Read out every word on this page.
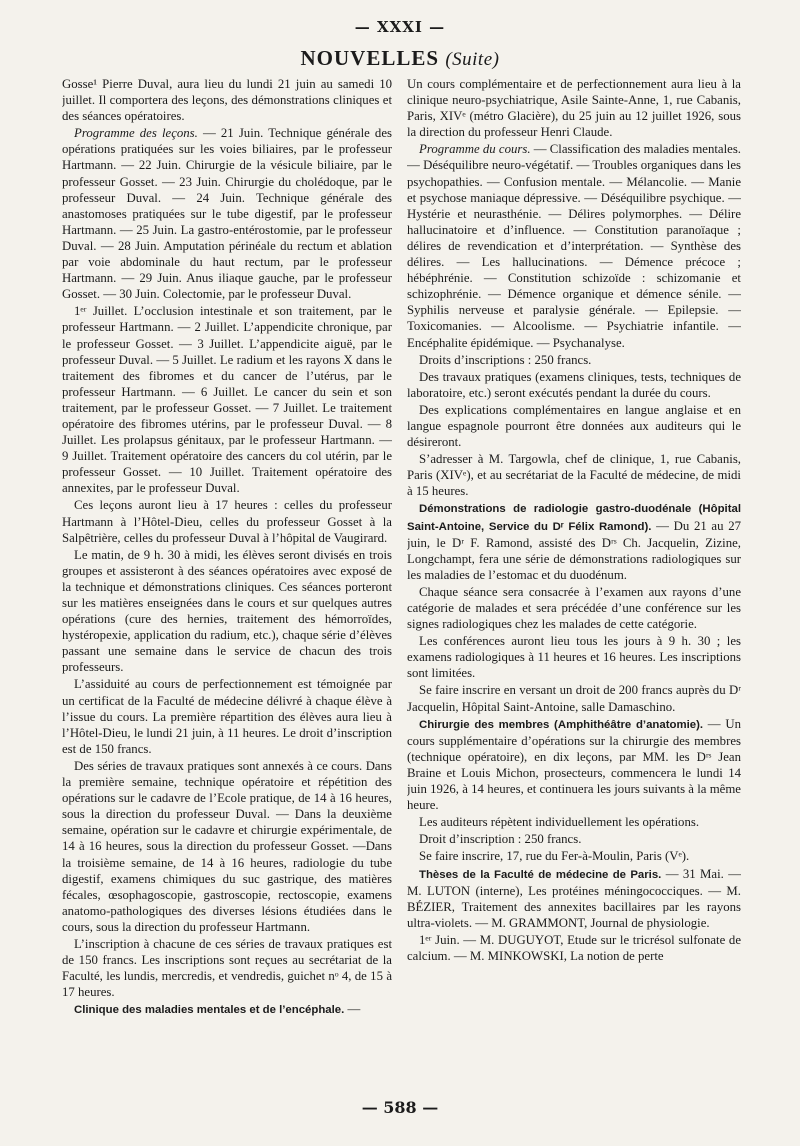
— XXXI —
NOUVELLES (Suite)

Gosse¹ Pierre Duval, aura lieu du lundi 21 juin au samedi 10 juillet. Il comportera des leçons, des démonstrations cliniques et des séances opératoires.

Programme des leçons. — 21 Juin. Technique générale des opérations pratiquées sur les voies biliaires, par le professeur Hartmann. — 22 Juin. Chirurgie de la vésicule biliaire, par le professeur Gosset. — 23 Juin. Chirurgie du cholédoque, par le professeur Duval. — 24 Juin. Technique générale des anastomoses pratiquées sur le tube digestif, par le professeur Hartmann. — 25 Juin. La gastro-entérostomie, par le professeur Duval. — 28 Juin. Amputation périnéale du rectum et ablation par voie abdominale du haut rectum, par le professeur Hartmann. — 29 Juin. Anus iliaque gauche, par le professeur Gosset. — 30 Juin. Colectomie, par le professeur Duval.

1ᵉʳ Juillet. L’occlusion intestinale et son traitement, par le professeur Hartmann. — 2 Juillet. L’appendicite chronique, par le professeur Gosset. — 3 Juillet. L’appendicite aiguë, par le professeur Duval. — 5 Juillet. Le radium et les rayons X dans le traitement des fibromes et du cancer de l’utérus, par le professeur Hartmann. — 6 Juillet. Le cancer du sein et son traitement, par le professeur Gosset. — 7 Juillet. Le traitement opératoire des fibromes utérins, par le professeur Duval. — 8 Juillet. Les prolapsus génitaux, par le professeur Hartmann. — 9 Juillet. Traitement opératoire des cancers du col utérin, par le professeur Gosset. — 10 Juillet. Traitement opératoire des annexites, par le professeur Duval.

Ces leçons auront lieu à 17 heures : celles du professeur Hartmann à l’Hôtel-Dieu, celles du professeur Gosset à la Salpêtrière, celles du professeur Duval à l’hôpital de Vaugirard.

Le matin, de 9 h. 30 à midi, les élèves seront divisés en trois groupes et assisteront à des séances opératoires avec exposé de la technique et démonstrations cliniques. Ces séances porteront sur les matières enseignées dans le cours et sur quelques autres opérations (cure des hernies, traitement des hémorroïdes, hystéropexie, application du radium, etc.), chaque série d’élèves passant une semaine dans le service de chacun des trois professeurs.

L’assiduité au cours de perfectionnement est témoignée par un certificat de la Faculté de médecine délivré à chaque élève à l’issue du cours. La première répartition des élèves aura lieu à l’Hôtel-Dieu, le lundi 21 juin, à 11 heures. Le droit d’inscription est de 150 francs.

Des séries de travaux pratiques sont annexés à ce cours. Dans la première semaine, technique opératoire et répétition des opérations sur le cadavre de l’Ecole pratique, de 14 à 16 heures, sous la direction du professeur Duval. — Dans la deuxième semaine, opération sur le cadavre et chirurgie expérimentale, de 14 à 16 heures, sous la direction du professeur Gosset. —Dans la troisième semaine, de 14 à 16 heures, radiologie du tube digestif, examens chimiques du suc gastrique, des matières fécales, œsophagoscopie, gastroscopie, rectoscopie, examens anatomo-pathologiques des diverses lésions étudiées dans le cours, sous la direction du professeur Hartmann.

L’inscription à chacune de ces séries de travaux pratiques est de 150 francs. Les inscriptions sont reçues au secrétariat de la Faculté, les lundis, mercredis, et vendredis, guichet nᵒ 4, de 15 à 17 heures.

Clinique des maladies mentales et de l’encéphale. —

Un cours complémentaire et de perfectionnement aura lieu à la clinique neuro-psychiatrique, Asile Sainte-Anne, 1, rue Cabanis, Paris, XIVᵉ (métro Glacière), du 25 juin au 12 juillet 1926, sous la direction du professeur Henri Claude.

Programme du cours. — Classification des maladies mentales. — Déséquilibre neuro-végétatif. — Troubles organiques dans les psychopathies. — Confusion mentale. — Mélancolie. — Manie et psychose maniaque dépressive. — Déséquilibre psychique. — Hystérie et neurasthénie. — Délires polymorphes. — Délire hallucinatoire et d’influence. — Constitution paranoïaque ; délires de revendication et d’interprétation. — Synthèse des délires. — Les hallucinations. — Démence précoce ; hébéphrénie. — Constitution schizoïde : schizomanie et schizophrénie. — Démence organique et démence sénile. — Syphilis nerveuse et paralysie générale. — Epilepsie. — Toxicomanies. — Alcoolisme. — Psychiatrie infantile. — Encéphalite épidémique. — Psychanalyse.

Droits d’inscriptions : 250 francs.

Des travaux pratiques (examens cliniques, tests, techniques de laboratoire, etc.) seront exécutés pendant la durée du cours.

Des explications complémentaires en langue anglaise et en langue espagnole pourront être données aux auditeurs qui le désireront.

S’adresser à M. Targowla, chef de clinique, 1, rue Cabanis, Paris (XIVᵉ), et au secrétariat de la Faculté de médecine, de midi à 15 heures.

Démonstrations de radiologie gastro-duodénale (Hôpital Saint-Antoine, Service du Dʳ Félix Ramond). — Du 21 au 27 juin, le Dʳ F. Ramond, assisté des Dʳˢ Ch. Jacquelin, Zizine, Longchampt, fera une série de démonstrations radiologiques sur les maladies de l’estomac et du duodénum.

Chaque séance sera consacrée à l’examen aux rayons d’une catégorie de malades et sera précédée d’une conférence sur les signes radiologiques chez les malades de cette catégorie.

Les conférences auront lieu tous les jours à 9 h. 30 ; les examens radiologiques à 11 heures et 16 heures. Les inscriptions sont limitées.

Se faire inscrire en versant un droit de 200 francs auprès du Dʳ Jacquelin, Hôpital Saint-Antoine, salle Damaschino.

Chirurgie des membres (Amphithéâtre d’anatomie). — Un cours supplémentaire d’opérations sur la chirurgie des membres (technique opératoire), en dix leçons, par MM. les Dʳˢ Jean Braine et Louis Michon, prosecteurs, commencera le lundi 14 juin 1926, à 14 heures, et continuera les jours suivants à la même heure.

Les auditeurs répètent individuellement les opérations.

Droit d’inscription : 250 francs.

Se faire inscrire, 17, rue du Fer-à-Moulin, Paris (Vᵉ).

Thèses de la Faculté de médecine de Paris. — 31 Mai. — M. LUTON (interne), Les protéines méningococciques. — M. BÉZIER, Traitement des annexites bacillaires par les rayons ultra-violets. — M. GRAMMONT, Journal de physiologie.

1ᵉʳ Juin. — M. DUGUYOT, Etude sur le tricrésol sulfonate de calcium. — M. MINKOWSKI, La notion de perte

— 588 —
